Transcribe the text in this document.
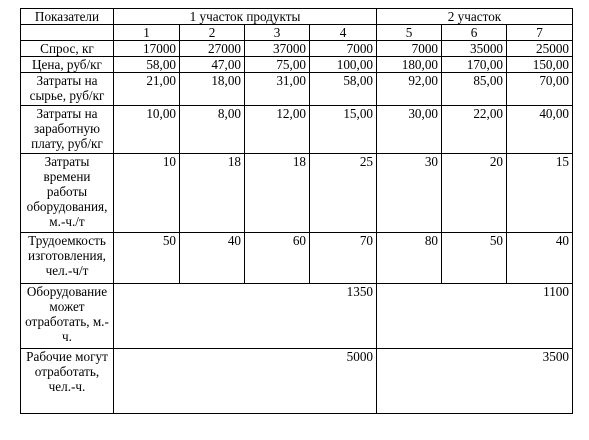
Показатели	1 участок продукты				2 участок		
	1	2	3	4	5	6	7
Спрос, кг	17000	27000	37000	7000	7000	35000	25000
Цена, руб/кг	58,00	47,00	75,00	100,00	180,00	170,00	150,00
Затраты на сырье, руб/кг	21,00	18,00	31,00	58,00	92,00	85,00	70,00
Затраты на заработную плату, руб/кг	10,00	8,00	12,00	15,00	30,00	22,00	40,00
Затраты времени работы оборудования, м.-ч./т	10	18	18	25	30	20	15
Трудоемкость изготовления, чел.-ч/т	50	40	60	70	80	50	40
Оборудование может отработать, м.-ч.	1350				1100		
Рабочие могут отработать, чел.-ч.	5000				3500		
